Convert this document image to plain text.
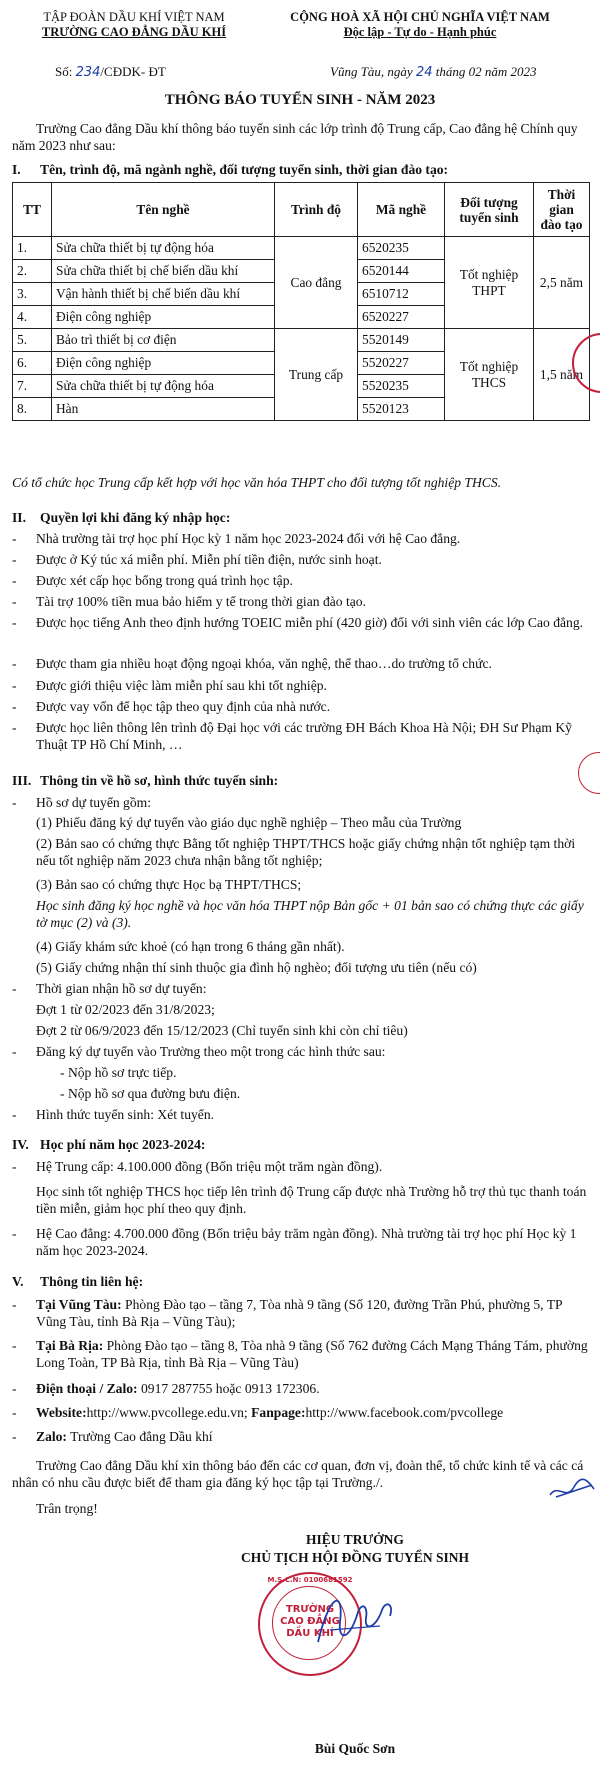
TẬP ĐOÀN DẦU KHÍ VIỆT NAM
TRƯỜNG CAO ĐẲNG DẦU KHÍ
CỘNG HOÀ XÃ HỘI CHỦ NGHĨA VIỆT NAM
Độc lập - Tự do - Hạnh phúc
Số: 234/CĐDK- ĐT	Vũng Tàu, ngày 24 tháng 02 năm 2023
THÔNG BÁO TUYỂN SINH - NĂM 2023
Trường Cao đẳng Dầu khí thông báo tuyển sinh các lớp trình độ Trung cấp, Cao đẳng hệ Chính quy năm 2023 như sau:
I. Tên, trình độ, mã ngành nghề, đối tượng tuyển sinh, thời gian đào tạo:
TT	Tên nghề	Trình độ	Mã nghề	Đối tượng tuyển sinh	Thời gian đào tạo
1.	Sửa chữa thiết bị tự động hóa	Cao đẳng	6520235	Tốt nghiệp THPT	2,5 năm
2.	Sửa chữa thiết bị chế biến dầu khí		6520144		
3.	Vận hành thiết bị chế biến dầu khí		6510712		
4.	Điện công nghiệp		6520227		
5.	Bảo trì thiết bị cơ điện	Trung cấp	5520149	Tốt nghiệp THCS	1,5 năm
6.	Điện công nghiệp		5520227		
7.	Sửa chữa thiết bị tự động hóa		5520235		
8.	Hàn		5520123		
Có tổ chức học Trung cấp kết hợp với học văn hóa THPT cho đối tượng tốt nghiệp THCS.
II. Quyền lợi khi đăng ký nhập học:
- Nhà trường tài trợ học phí Học kỳ 1 năm học 2023-2024 đối với hệ Cao đẳng.
- Được ở Ký túc xá miễn phí. Miễn phí tiền điện, nước sinh hoạt.
- Được xét cấp học bổng trong quá trình học tập.
- Tài trợ 100% tiền mua bảo hiểm y tế trong thời gian đào tạo.
- Được học tiếng Anh theo định hướng TOEIC miễn phí (420 giờ) đối với sinh viên các lớp Cao đẳng.
- Được tham gia nhiều hoạt động ngoại khóa, văn nghệ, thể thao…do trường tổ chức.
- Được giới thiệu việc làm miễn phí sau khi tốt nghiệp.
- Được vay vốn để học tập theo quy định của nhà nước.
- Được học liên thông lên trình độ Đại học với các trường ĐH Bách Khoa Hà Nội; ĐH Sư Phạm Kỹ Thuật TP Hồ Chí Minh, …
III. Thông tin về hồ sơ, hình thức tuyển sinh:
- Hồ sơ dự tuyển gồm:
(1) Phiếu đăng ký dự tuyển vào giáo dục nghề nghiệp – Theo mẫu của Trường
(2) Bản sao có chứng thực Bằng tốt nghiệp THPT/THCS hoặc giấy chứng nhận tốt nghiệp tạm thời nếu tốt nghiệp năm 2023 chưa nhận bằng tốt nghiệp;
(3) Bản sao có chứng thực Học bạ THPT/THCS;
Học sinh đăng ký học nghề và học văn hóa THPT nộp Bản gốc + 01 bản sao có chứng thực các giấy tờ mục (2) và (3).
(4) Giấy khám sức khoẻ (có hạn trong 6 tháng gần nhất).
(5) Giấy chứng nhận thí sinh thuộc gia đình hộ nghèo; đối tượng ưu tiên (nếu có)
- Thời gian nhận hồ sơ dự tuyển:
Đợt 1 từ 02/2023 đến 31/8/2023;
Đợt 2 từ 06/9/2023 đến 15/12/2023 (Chỉ tuyển sinh khi còn chỉ tiêu)
- Đăng ký dự tuyển vào Trường theo một trong các hình thức sau:
- Nộp hồ sơ trực tiếp.
- Nộp hồ sơ qua đường bưu điện.
- Hình thức tuyển sinh: Xét tuyển.
IV. Học phí năm học 2023-2024:
- Hệ Trung cấp: 4.100.000 đồng (Bốn triệu một trăm ngàn đồng).
Học sinh tốt nghiệp THCS học tiếp lên trình độ Trung cấp được nhà Trường hỗ trợ thủ tục thanh toán tiền miễn, giảm học phí theo quy định.
- Hệ Cao đẳng: 4.700.000 đồng (Bốn triệu bảy trăm ngàn đồng). Nhà trường tài trợ học phí Học kỳ 1 năm học 2023-2024.
V. Thông tin liên hệ:
- Tại Vũng Tàu: Phòng Đào tạo – tầng 7, Tòa nhà 9 tầng (Số 120, đường Trần Phú, phường 5, TP Vũng Tàu, tỉnh Bà Rịa – Vũng Tàu);
- Tại Bà Rịa: Phòng Đào tạo – tầng 8, Tòa nhà 9 tầng (Số 762 đường Cách Mạng Tháng Tám, phường Long Toàn, TP Bà Rịa, tỉnh Bà Rịa – Vũng Tàu)
- Điện thoại / Zalo: 0917 287755 hoặc 0913 172306.
- Website:http://www.pvcollege.edu.vn; Fanpage:http://www.facebook.com/pvcollege
- Zalo: Trường Cao đẳng Dầu khí
Trường Cao đẳng Dầu khí xin thông báo đến các cơ quan, đơn vị, đoàn thể, tổ chức kinh tế và các cá nhân có nhu cầu được biết để tham gia đăng ký học tập tại Trường./.
Trân trọng!
HIỆU TRƯỞNG
CHỦ TỊCH HỘI ĐỒNG TUYỂN SINH
M.S.C.N: 0100681592
TRƯỜNG
CAO ĐẲNG
DẦU KHÍ
Bùi Quốc Sơn
